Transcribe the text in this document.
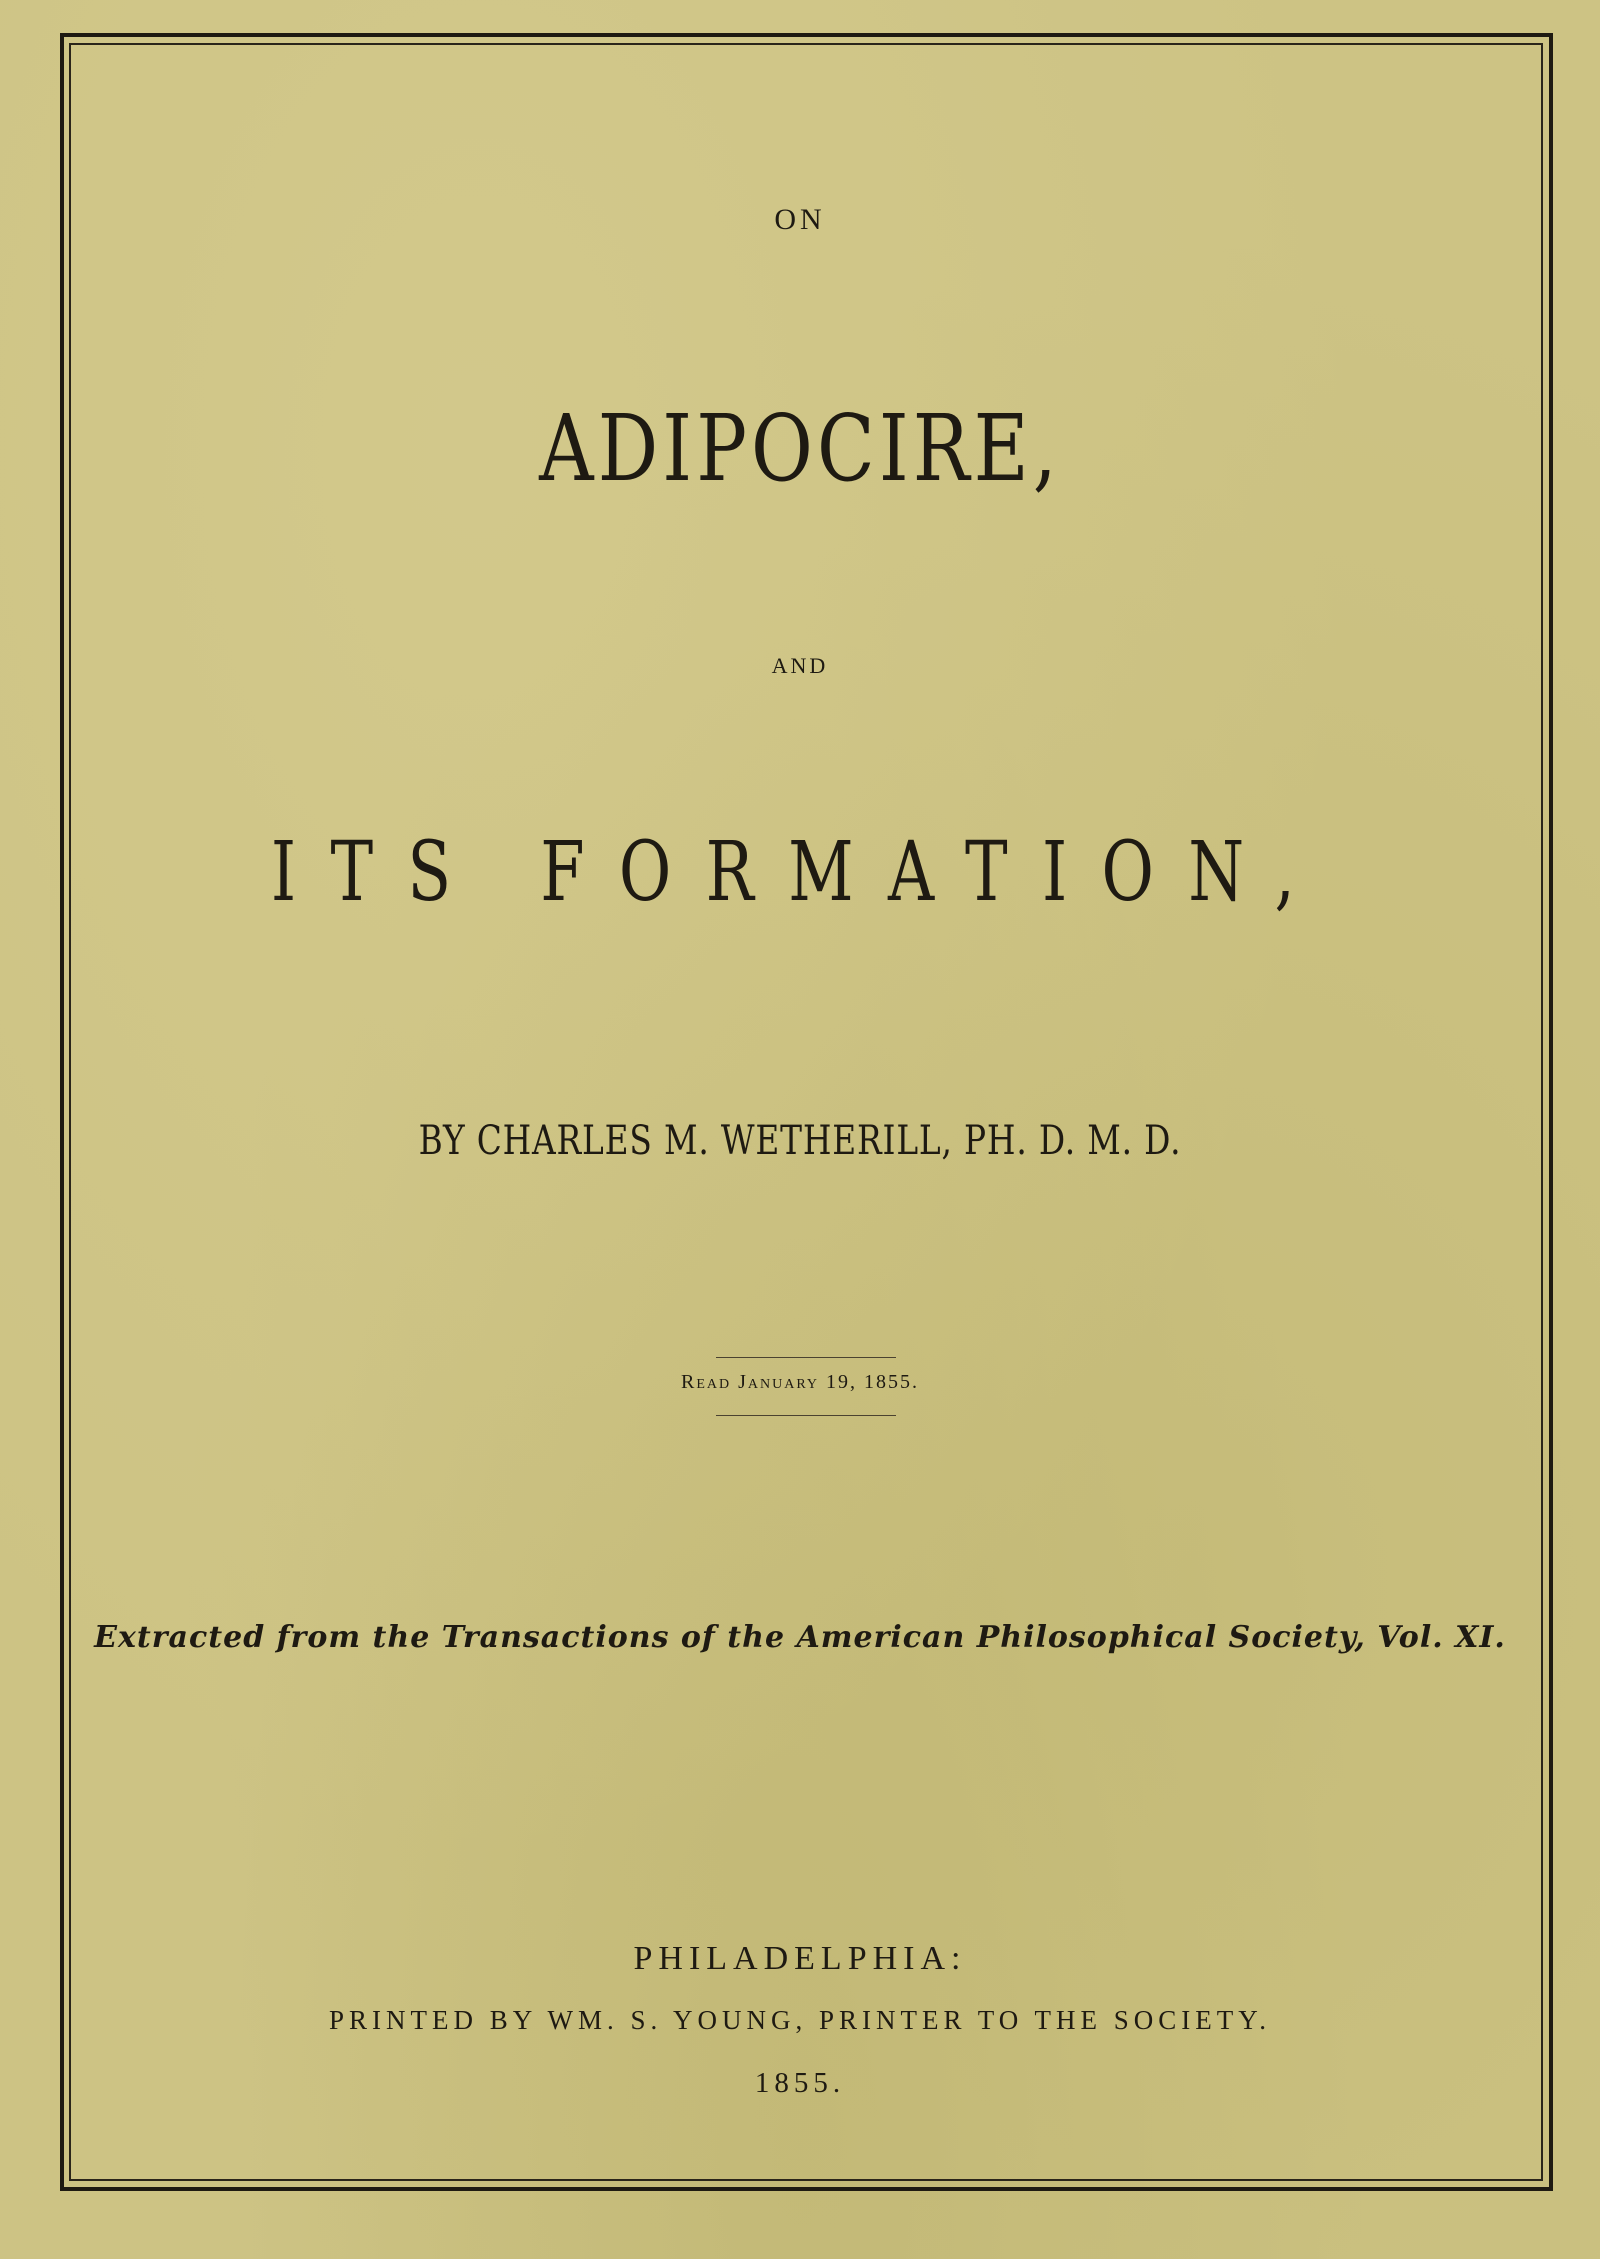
ON
ADIPOCIRE,
AND
ITS FORMATION,
BY CHARLES M. WETHERILL, PH. D. M. D.
Read January 19, 1855.
Extracted from the Transactions of the American Philosophical Society, Vol. XI.
PHILADELPHIA:
PRINTED BY WM. S. YOUNG, PRINTER TO THE SOCIETY.
1855.
